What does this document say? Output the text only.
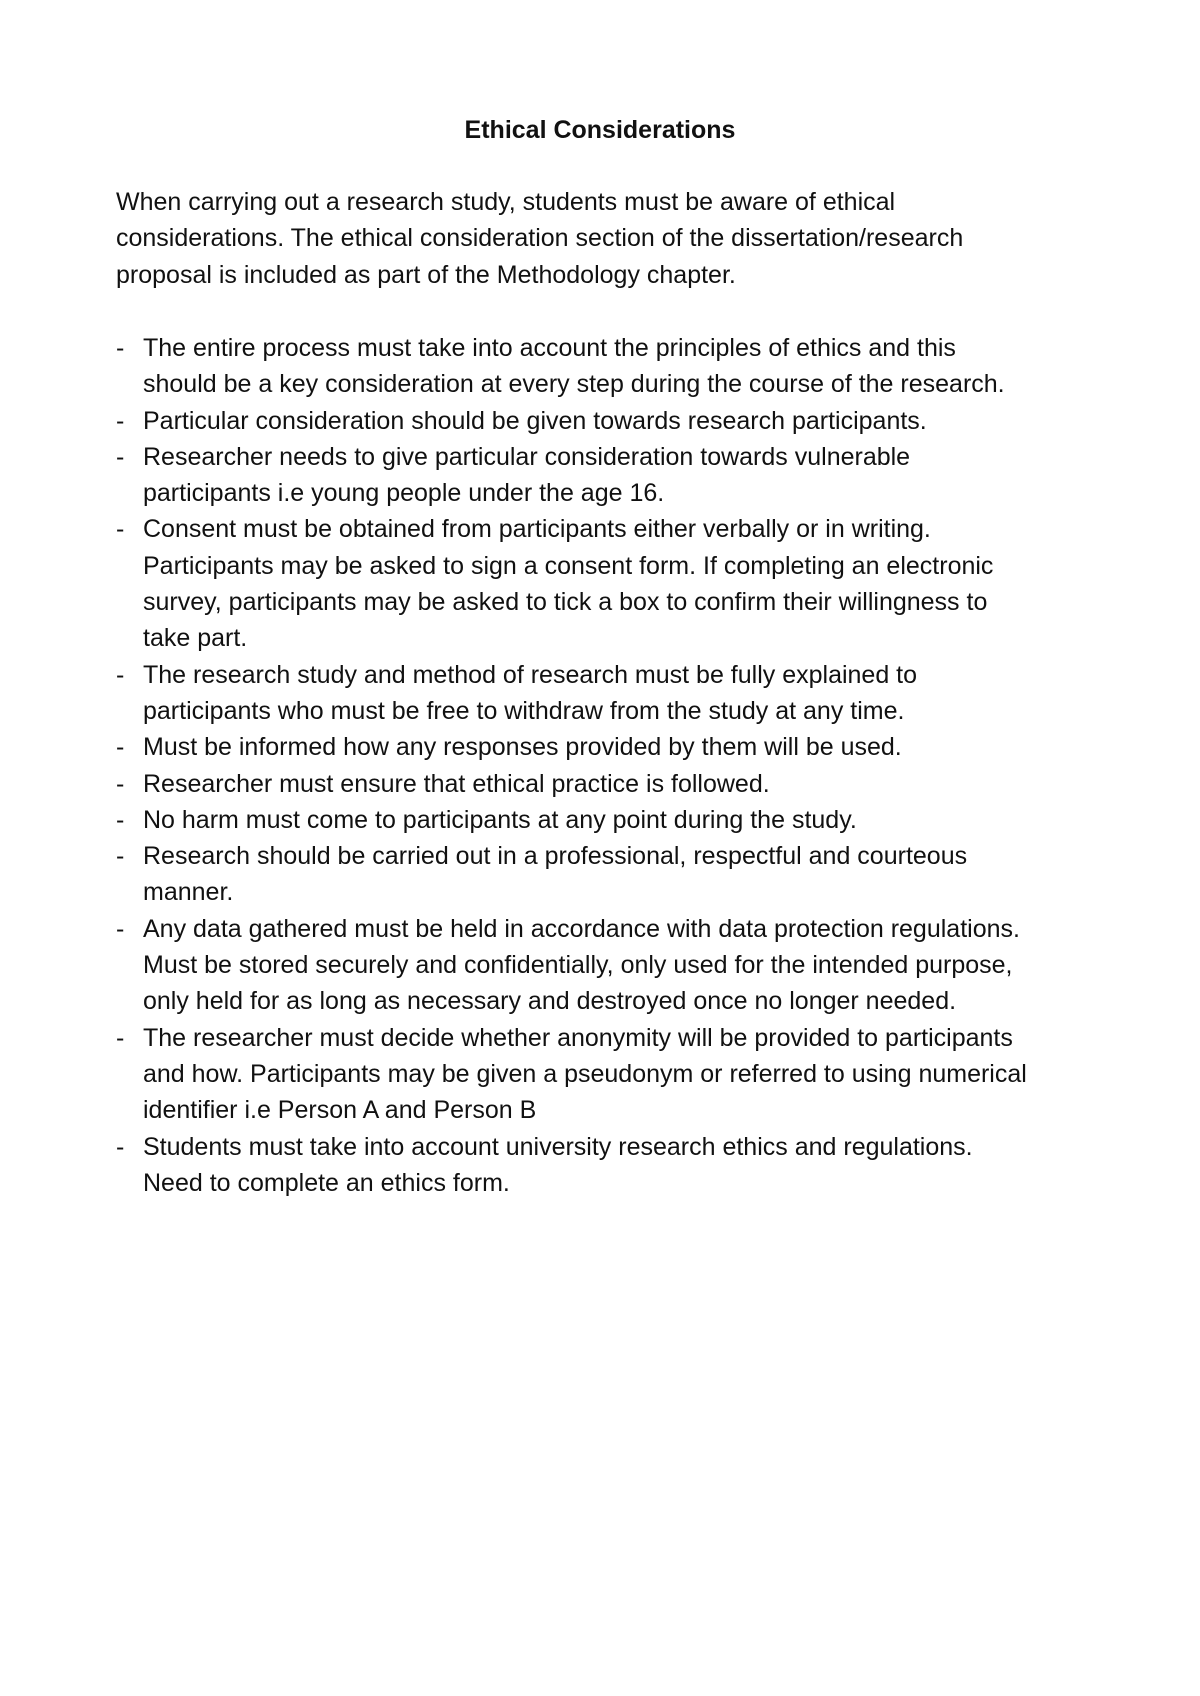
Ethical Considerations

When carrying out a research study, students must be aware of ethical
considerations. The ethical consideration section of the dissertation/research
proposal is included as part of the Methodology chapter.

- The entire process must take into account the principles of ethics and this
should be a key consideration at every step during the course of the research.
- Particular consideration should be given towards research participants.
- Researcher needs to give particular consideration towards vulnerable
participants i.e young people under the age 16.
- Consent must be obtained from participants either verbally or in writing.
Participants may be asked to sign a consent form. If completing an electronic
survey, participants may be asked to tick a box to confirm their willingness to
take part.
- The research study and method of research must be fully explained to
participants who must be free to withdraw from the study at any time.
- Must be informed how any responses provided by them will be used.
- Researcher must ensure that ethical practice is followed.
- No harm must come to participants at any point during the study.
- Research should be carried out in a professional, respectful and courteous
manner.
- Any data gathered must be held in accordance with data protection regulations.
Must be stored securely and confidentially, only used for the intended purpose,
only held for as long as necessary and destroyed once no longer needed.
- The researcher must decide whether anonymity will be provided to participants
and how. Participants may be given a pseudonym or referred to using numerical
identifier i.e Person A and Person B
- Students must take into account university research ethics and regulations.
Need to complete an ethics form.
